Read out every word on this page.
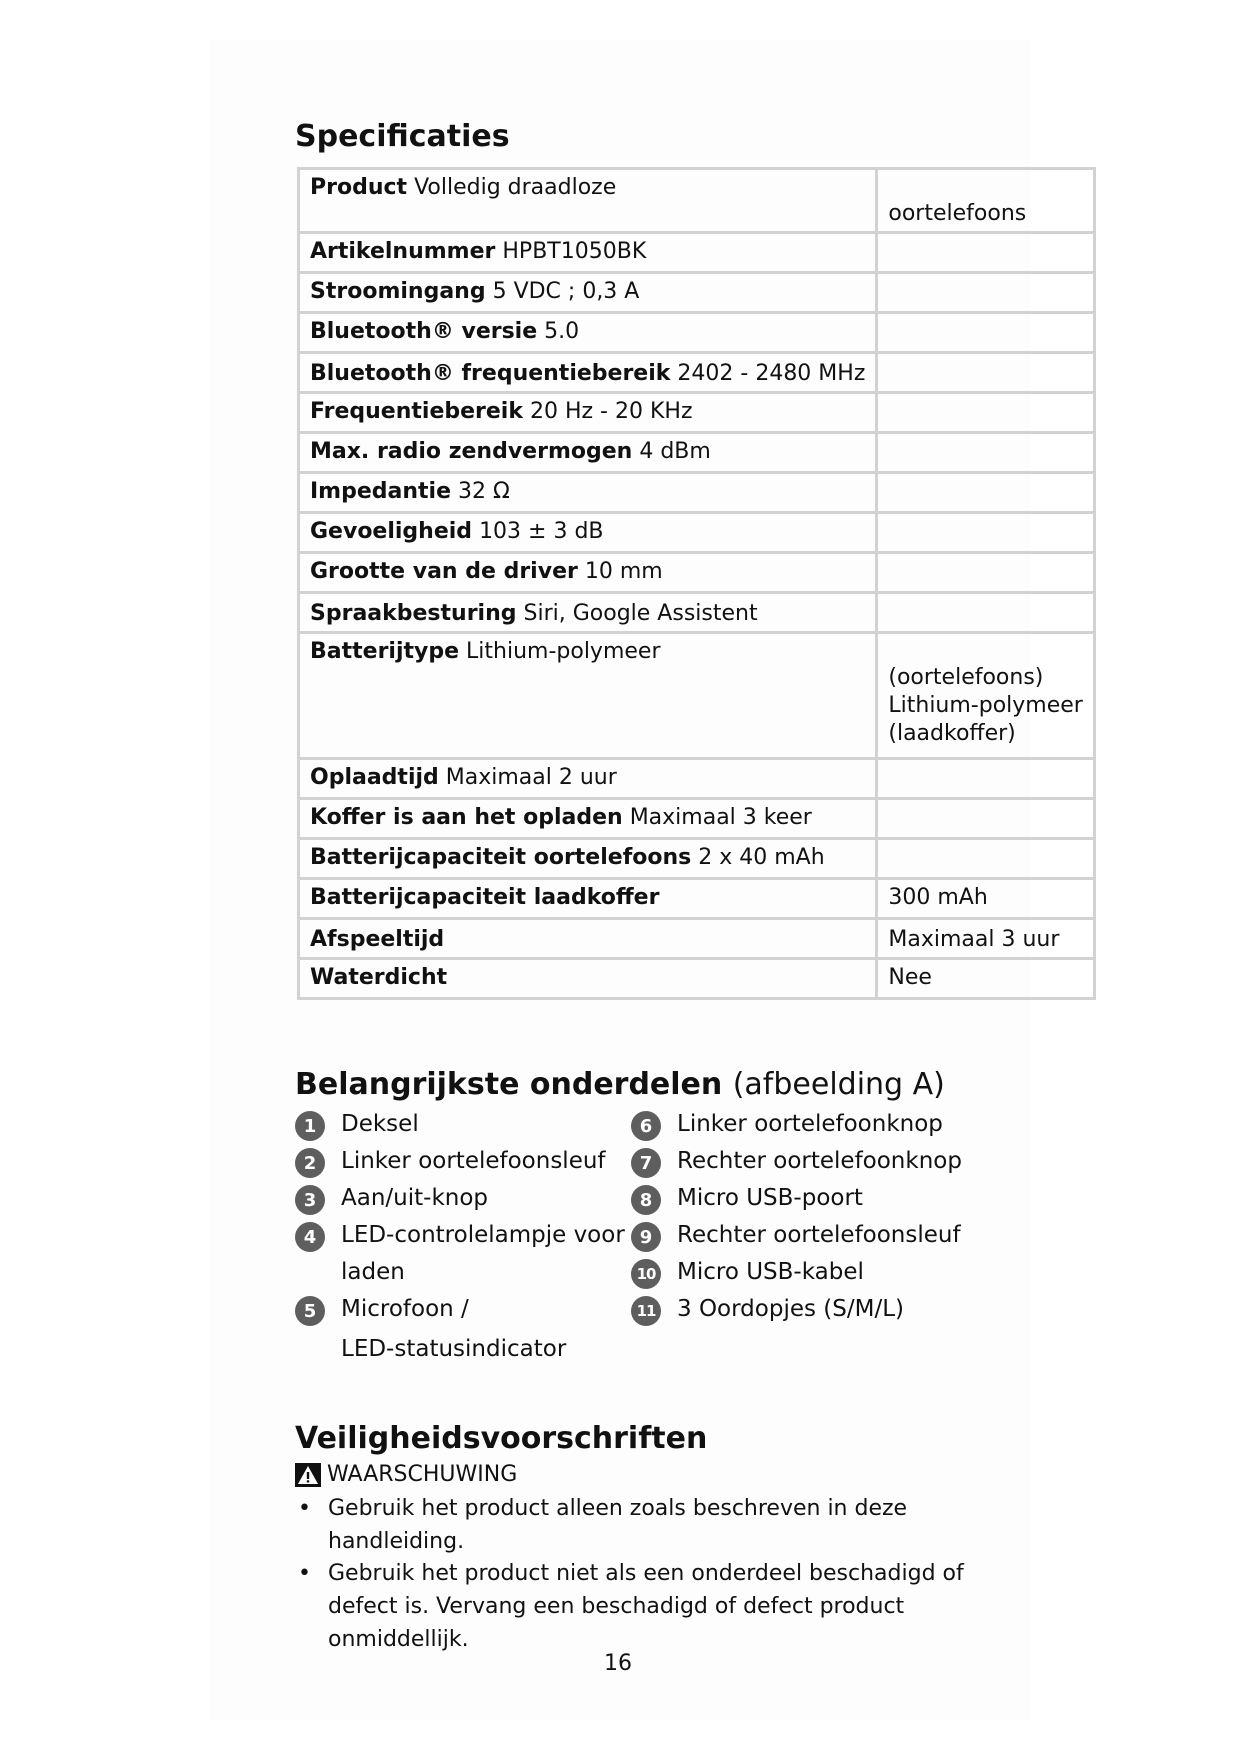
Specificaties
Product Volledig draadloze	oortelefoons
Artikelnummer HPBT1050BK	
Stroomingang 5 VDC ; 0,3 A	
Bluetooth® versie 5.0	
Bluetooth® frequentiebereik 2402 - 2480 MHz	
Frequentiebereik 20 Hz - 20 KHz	
Max. radio zendvermogen 4 dBm	
Impedantie 32 Ω	
Gevoeligheid 103 ± 3 dB	
Grootte van de driver 10 mm	
Spraakbesturing Siri, Google Assistent	
Batterijtype Lithium-polymeer	(oortelefoons)
Lithium-polymeer
(laadkoffer)

Oplaadtijd Maximaal 2 uur	
Koffer is aan het opladen Maximaal 3 keer	
Batterijcapaciteit oortelefoons 2 x 40 mAh	
Batterijcapaciteit laadkoffer	300 mAh
Afspeeltijd	Maximaal 3 uur
Waterdicht	Nee
Belangrijkste onderdelen (afbeelding A)
1	Deksel
2	Linker oortelefoonsleuf
3	Aan/uit-knop
4	LED-controlelampje voor
laden
5	Microfoon /
LED-statusindicator
6	Linker oortelefoonknop
7	Rechter oortelefoonknop
8	Micro USB-poort
9	Rechter oortelefoonsleuf
10 Micro USB-kabel
11 3 Oordopjes (S/M/L)
Veiligheidsvoorschriften
WAARSCHUWING
• Gebruik het product alleen zoals beschreven in deze
handleiding.
• Gebruik het product niet als een onderdeel beschadigd of
defect is. Vervang een beschadigd of defect product
onmiddellijk.
16
